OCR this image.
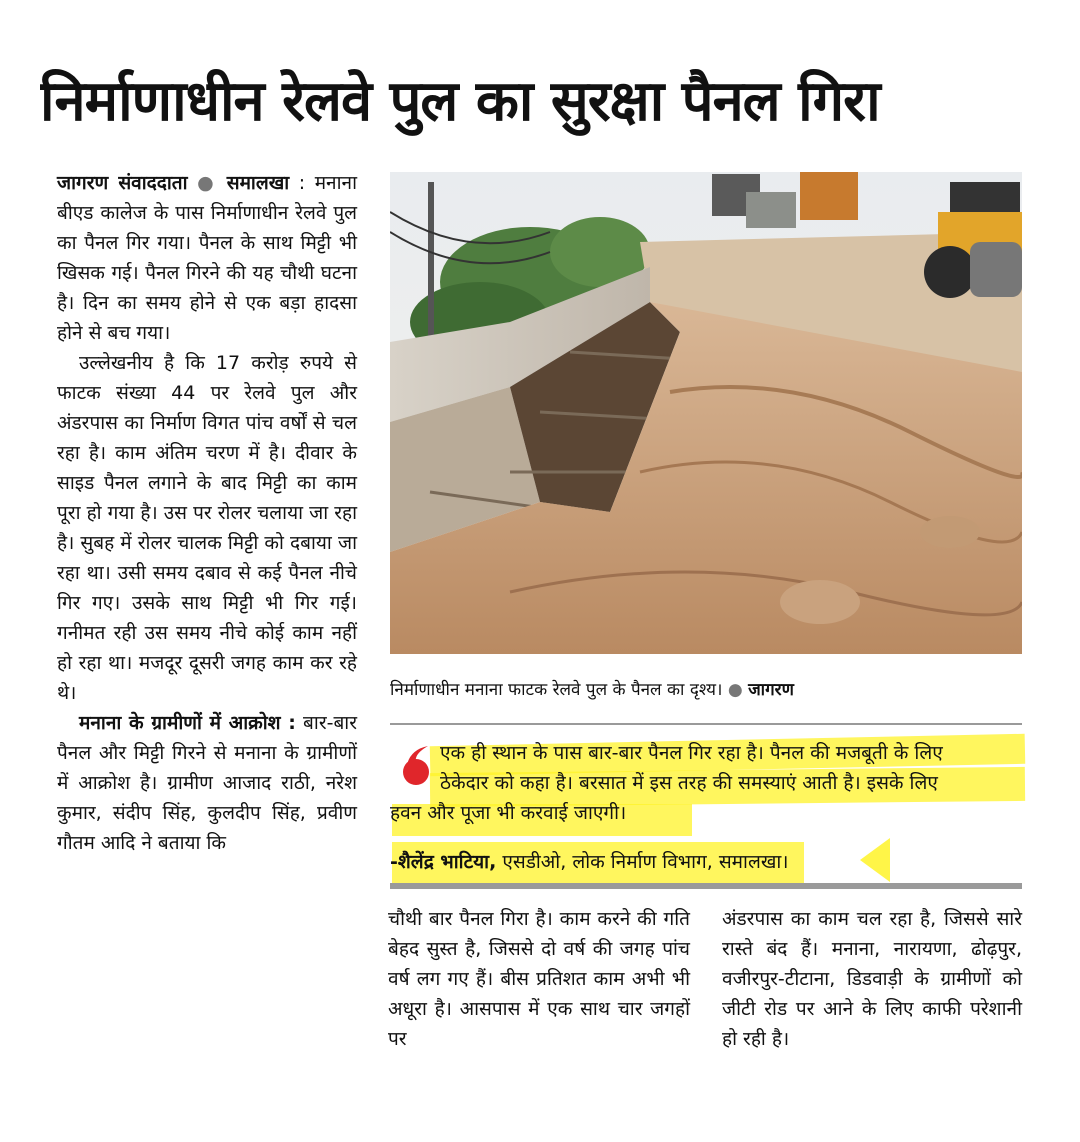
निर्माणाधीन रेलवे पुल का सुरक्षा पैनल गिरा

जागरण संवाददाता ● समालखा : मनाना बीएड कालेज के पास निर्माणाधीन रेलवे पुल का पैनल गिर गया। पैनल के साथ मिट्टी भी खिसक गई। पैनल गिरने की यह चौथी घटना है। दिन का समय होने से एक बड़ा हादसा होने से बच गया।

उल्लेखनीय है कि 17 करोड़ रुपये से फाटक संख्या 44 पर रेलवे पुल और अंडरपास का निर्माण विगत पांच वर्षों से चल रहा है। काम अंतिम चरण में है। दीवार के साइड पैनल लगाने के बाद मिट्टी का काम पूरा हो गया है। उस पर रोलर चलाया जा रहा है। सुबह में रोलर चालक मिट्टी को दबाया जा रहा था। उसी समय दबाव से कई पैनल नीचे गिर गए। उसके साथ मिट्टी भी गिर गई। गनीमत रही उस समय नीचे कोई काम नहीं हो रहा था। मजदूर दूसरी जगह काम कर रहे थे।

मनाना के ग्रामीणों में आक्रोश : बार-बार पैनल और मिट्टी गिरने से मनाना के ग्रामीणों में आक्रोश है। ग्रामीण आजाद राठी, नरेश कुमार, संदीप सिंह, कुलदीप सिंह, प्रवीण गौतम आदि ने बताया कि

निर्माणाधीन मनाना फाटक रेलवे पुल के पैनल का दृश्य। ● जागरण
एक ही स्थान के पास बार-बार पैनल गिर रहा है। पैनल की मजबूती के लिए
ठेकेदार को कहा है। बरसात में इस तरह की समस्याएं आती है। इसके लिए
हवन और पूजा भी करवाई जाएगी।
-शैलेंद्र भाटिया, एसडीओ, लोक निर्माण विभाग, समालखा।
चौथी बार पैनल गिरा है। काम करने की गति बेहद सुस्त है, जिससे दो वर्ष की जगह पांच वर्ष लग गए हैं। बीस प्रतिशत काम अभी भी अधूरा है। आसपास में एक साथ चार जगहों पर
अंडरपास का काम चल रहा है, जिससे सारे रास्ते बंद हैं। मनाना, नारायणा, ढोढ़पुर, वजीरपुर-टीटाना, डिडवाड़ी के ग्रामीणों को जीटी रोड पर आने के लिए काफी परेशानी हो रही है।
